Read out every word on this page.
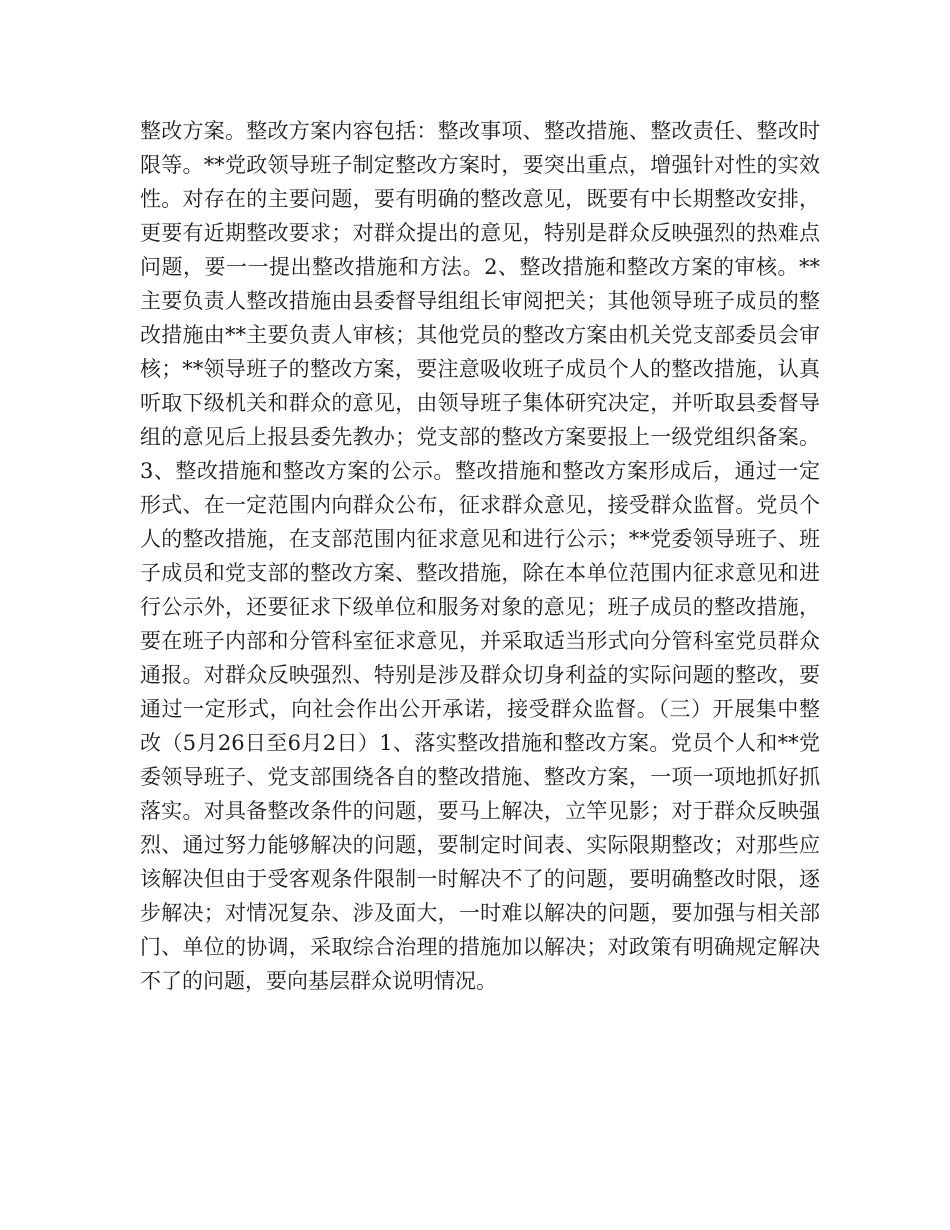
整改方案。整改方案内容包括：整改事项、整改措施、整改责任、整改时限等。**党政领导班子制定整改方案时，要突出重点，增强针对性的实效性。对存在的主要问题，要有明确的整改意见，既要有中长期整改安排，更要有近期整改要求；对群众提出的意见，特别是群众反映强烈的热难点问题，要一一提出整改措施和方法。2、整改措施和整改方案的审核。**主要负责人整改措施由县委督导组组长审阅把关；其他领导班子成员的整改措施由**主要负责人审核；其他党员的整改方案由机关党支部委员会审核；**领导班子的整改方案，要注意吸收班子成员个人的整改措施，认真听取下级机关和群众的意见，由领导班子集体研究决定，并听取县委督导组的意见后上报县委先教办；党支部的整改方案要报上一级党组织备案。3、整改措施和整改方案的公示。整改措施和整改方案形成后，通过一定形式、在一定范围内向群众公布，征求群众意见，接受群众监督。党员个人的整改措施，在支部范围内征求意见和进行公示；**党委领导班子、班子成员和党支部的整改方案、整改措施，除在本单位范围内征求意见和进行公示外，还要征求下级单位和服务对象的意见；班子成员的整改措施，要在班子内部和分管科室征求意见，并采取适当形式向分管科室党员群众通报。对群众反映强烈、特别是涉及群众切身利益的实际问题的整改，要通过一定形式，向社会作出公开承诺，接受群众监督。（三）开展集中整改（5月26日至6月2日）1、落实整改措施和整改方案。党员个人和**党委领导班子、党支部围绕各自的整改措施、整改方案，一项一项地抓好抓落实。对具备整改条件的问题，要马上解决，立竿见影；对于群众反映强烈、通过努力能够解决的问题，要制定时间表、实际限期整改；对那些应该解决但由于受客观条件限制一时解决不了的问题，要明确整改时限，逐步解决；对情况复杂、涉及面大，一时难以解决的问题，要加强与相关部门、单位的协调，采取综合治理的措施加以解决；对政策有明确规定解决不了的问题，要向基层群众说明情况。
